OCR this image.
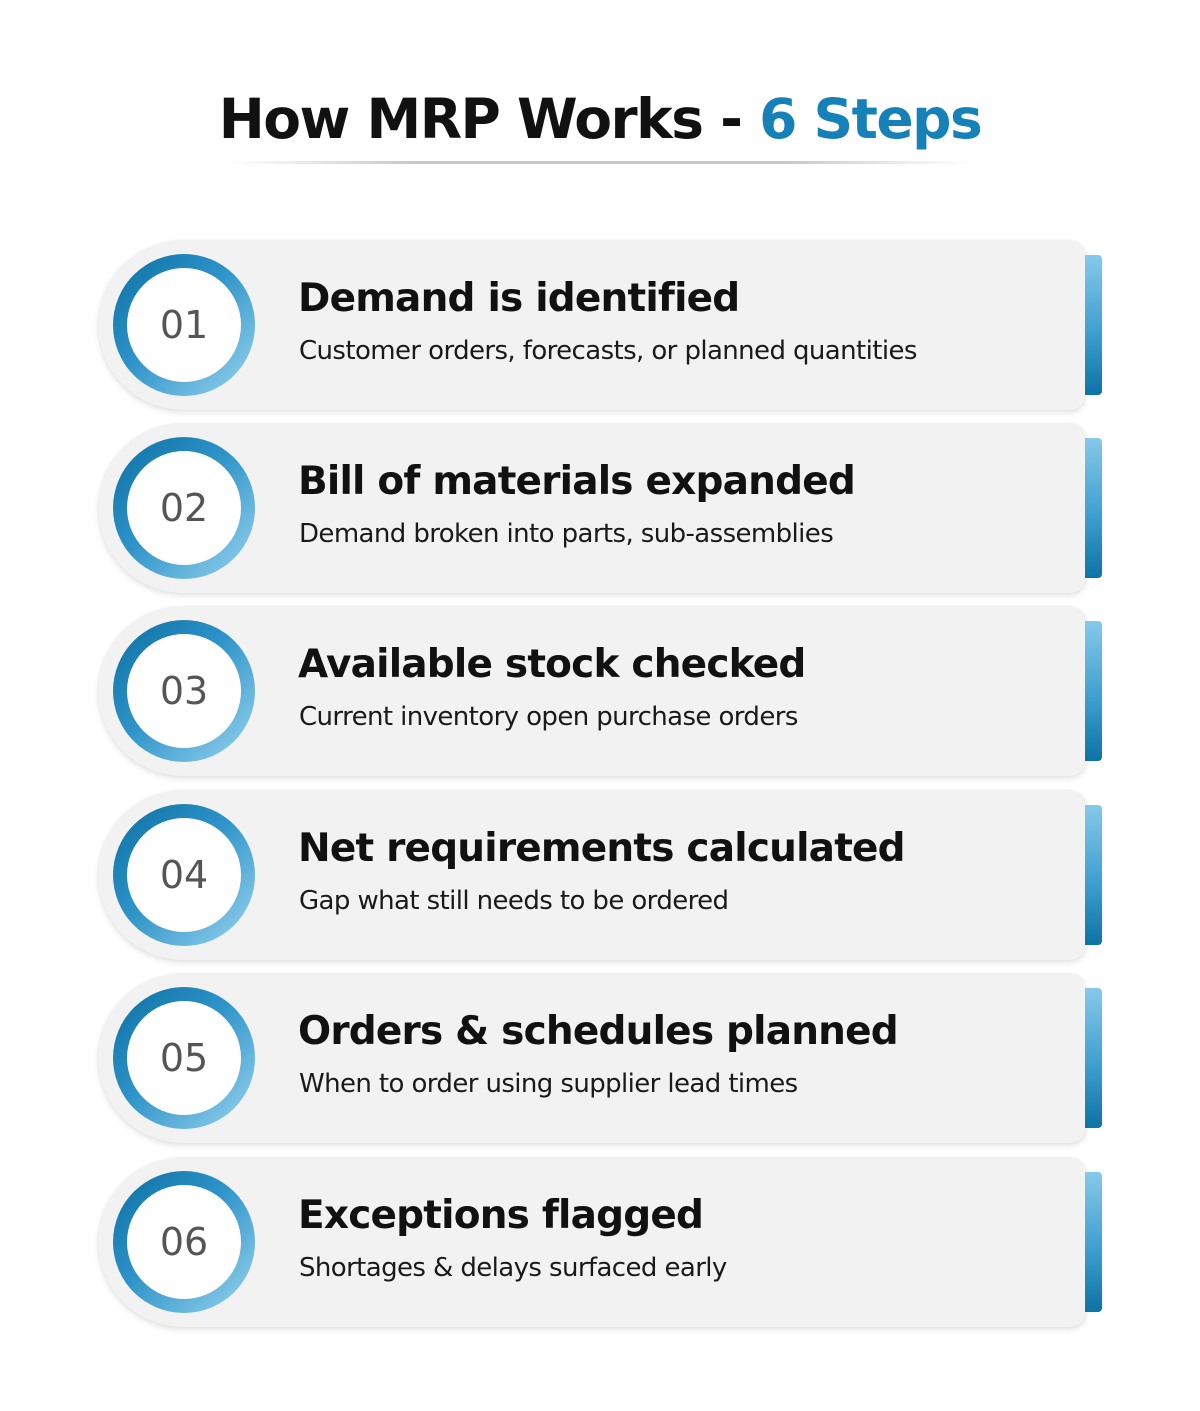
How MRP Works - 6 Steps
01
Demand is identified
Customer orders, forecasts, or planned quantities
02
Bill of materials expanded
Demand broken into parts, sub-assemblies
03
Available stock checked
Current inventory open purchase orders
04
Net requirements calculated
Gap what still needs to be ordered
05
Orders & schedules planned
When to order using supplier lead times
06
Exceptions flagged
Shortages & delays surfaced early
